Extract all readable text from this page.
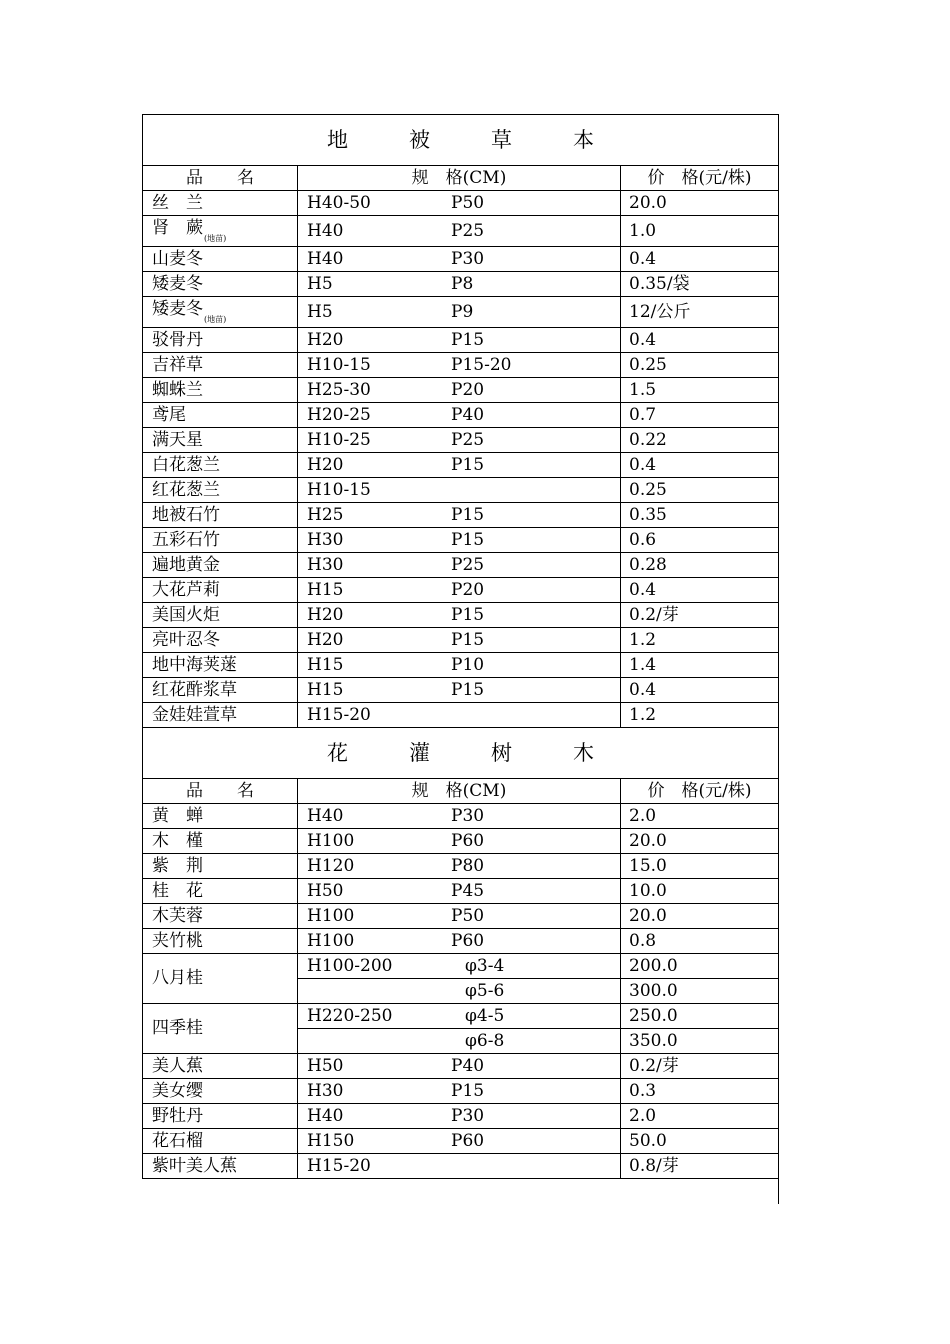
地　被　草　本		
品　　名	规　格(CM)	价　格(元/株)
丝　兰	H40-50 P50	20.0
肾　蕨$_{(地苗)}$	H40 P25	1.0
山麦冬	H40 P30	0.4
矮麦冬	H5 P8	0.35/袋
矮麦冬$_{(地苗)}$	H5 P9	12/公斤
驳骨丹	H20 P15	0.4
吉祥草	H10-15 P15-20	0.25
蜘蛛兰	H25-30 P20	1.5
鸢尾	H20-25 P40	0.7
满天星	H10-25 P25	0.22
白花葱兰	H20 P15	0.4
红花葱兰	H10-15	0.25
地被石竹	H25 P15	0.35
五彩石竹	H30 P15	0.6
遍地黄金	H30 P25	0.28
大花芦莉	H15 P20	0.4
美国火炬	H20 P15	0.2/芽
亮叶忍冬	H20 P15	1.2
地中海荚蒾	H15 P10	1.4
红花酢浆草	H15 P15	0.4
金娃娃萱草	H15-20	1.2
花　灌　树　木		
品　　名	规　格(CM)	价　格(元/株)
黄　蝉	H40 P30	2.0
木　槿	H100 P60	20.0
紫　荆	H120 P80	15.0
桂　花	H50 P45	10.0
木芙蓉	H100 P50	20.0
夹竹桃	H100 P60	0.8
八月桂	H100-200 φ3-4	200.0

	φ5-6	300.0
四季桂	H220-250 φ4-5	250.0

	φ6-8	350.0
美人蕉	H50 P40	0.2/芽
美女缨	H30 P15	0.3
野牡丹	H40 P30	2.0
花石榴	H150 P60	50.0
紫叶美人蕉	H15-20	0.8/芽
